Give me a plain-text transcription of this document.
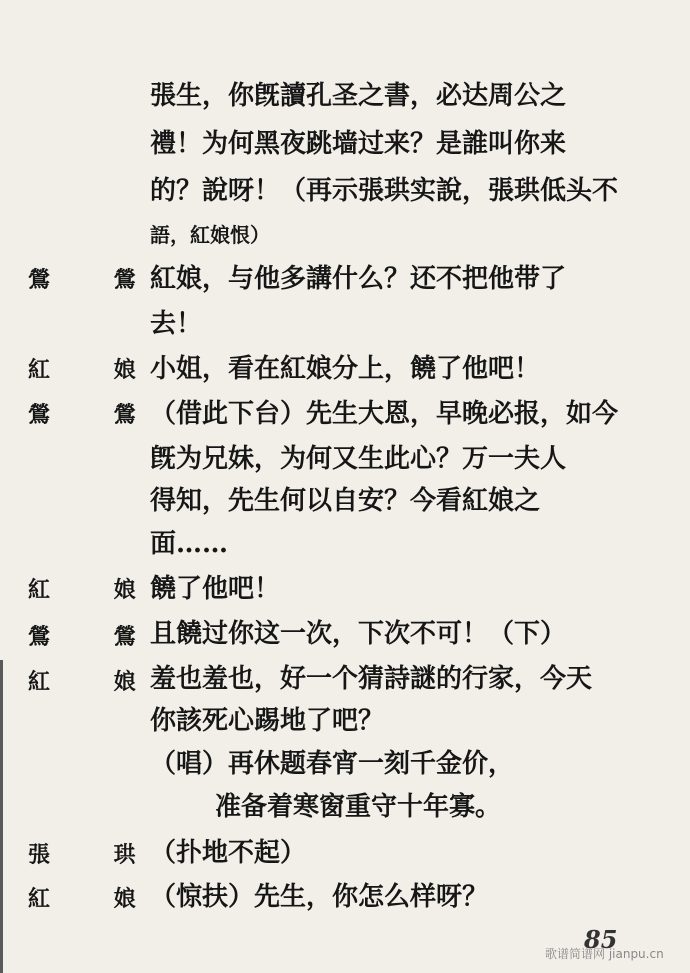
張生，你旣讀孔圣之書，必达周公之
禮！为何黑夜跳墙过来？是誰叫你来
的？說呀！（再示張珙实說，張珙低头不
語，紅娘恨）
鶯 鶯
紅娘，与他多講什么？还不把他带了
去！
紅 娘
小姐，看在紅娘分上，饒了他吧！
鶯 鶯
（借此下台）先生大恩，早晚必报，如今
旣为兄妹，为何又生此心？万一夫人
得知，先生何以自安？今看紅娘之
面……
紅 娘
饒了他吧！
鶯 鶯
且饒过你这一次，下次不可！（下）
紅 娘
羞也羞也，好一个猜詩謎的行家，今天
你該死心踢地了吧？
（唱）再休题春宵一刻千金价，
准备着寒窗重守十年寡。
張 珙
（扑地不起）
紅 娘
（惊扶）先生，你怎么样呀？
85
歌谱简谱网 jianpu.cn
